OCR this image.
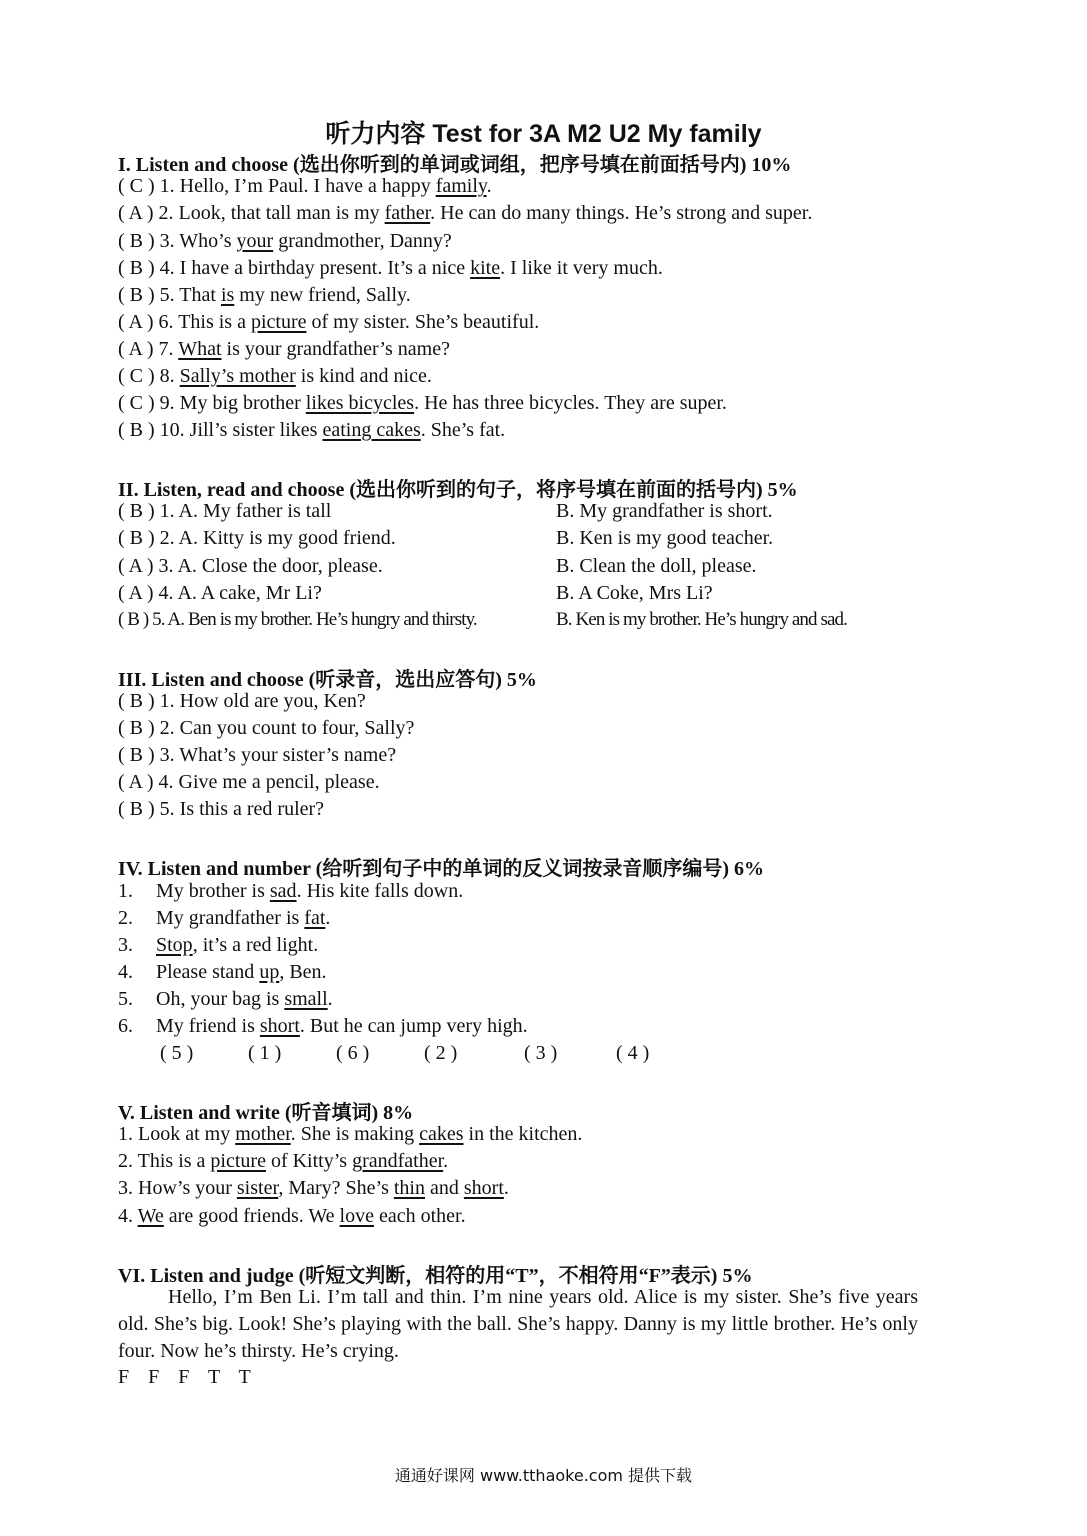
听力内容 Test for 3A M2 U2 My family
I. Listen and choose (选出你听到的单词或词组，把序号填在前面括号内) 10%
( C ) 1. Hello, I’m Paul. I have a happy family.
( A ) 2. Look, that tall man is my father. He can do many things. He’s strong and super.
( B ) 3. Who’s your grandmother, Danny?
( B ) 4. I have a birthday present. It’s a nice kite. I like it very much.
( B ) 5. That is my new friend, Sally.
( A ) 6. This is a picture of my sister. She’s beautiful.
( A ) 7. What is your grandfather’s name?
( C ) 8. Sally’s mother is kind and nice.
( C ) 9. My big brother likes bicycles. He has three bicycles. They are super.
( B ) 10. Jill’s sister likes eating cakes. She’s fat.
II. Listen, read and choose (选出你听到的句子，将序号填在前面的括号内) 5%
( B ) 1. A. My father is tall	B. My grandfather is short.
( B ) 2. A. Kitty is my good friend.	B. Ken is my good teacher.
( A ) 3. A. Close the door, please.	B. Clean the doll, please.
( A ) 4. A. A cake, Mr Li?	B. A Coke, Mrs Li?
( B ) 5. A. Ben is my brother. He’s hungry and thirsty.	B. Ken is my brother. He’s hungry and sad.
III. Listen and choose (听录音，选出应答句) 5%
( B ) 1. How old are you, Ken?
( B ) 2. Can you count to four, Sally?
( B ) 3. What’s your sister’s name?
( A ) 4. Give me a pencil, please.
( B ) 5. Is this a red ruler?
IV. Listen and number (给听到句子中的单词的反义词按录音顺序编号) 6%
1. My brother is sad. His kite falls down.
2. My grandfather is fat.
3. Stop, it’s a red light.
4. Please stand up, Ben.
5. Oh, your bag is small.
6. My friend is short. But he can jump very high.
( 5 )	( 1 )	( 6 )	( 2 )	( 3 )	( 4 )
V. Listen and write (听音填词) 8%
1. Look at my mother. She is making cakes in the kitchen.
2. This is a picture of Kitty’s grandfather.
3. How’s your sister, Mary? She’s thin and short.
4. We are good friends. We love each other.
VI. Listen and judge (听短文判断，相符的用“T”，不相符用“F”表示) 5%
Hello, I’m Ben Li. I’m tall and thin. I’m nine years old. Alice is my sister. She’s five years old. She’s big. Look! She’s playing with the ball. She’s happy. Danny is my little brother. He’s only four. Now he’s thirsty. He’s crying.
F F F T T
通通好课网 www.tthaoke.com 提供下载
